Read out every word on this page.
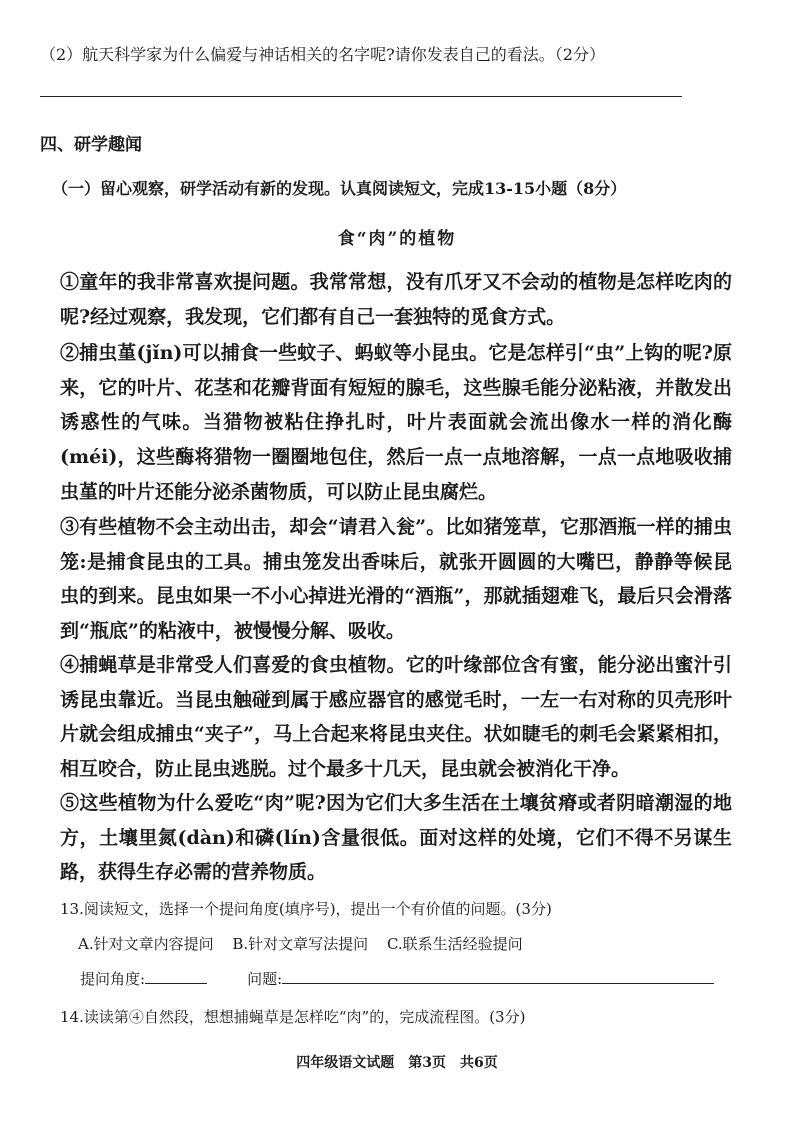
（2）航天科学家为什么偏爱与神话相关的名字呢?请你发表自己的看法。（2分）
四、研学趣闻
（一）留心观察，研学活动有新的发现。认真阅读短文，完成13-15小题（8分）
食“肉”的植物
①童年的我非常喜欢提问题。我常常想，没有爪牙又不会动的植物是怎样吃肉的呢?经过观察，我发现，它们都有自己一套独特的觅食方式。
②捕虫堇(jǐn)可以捕食一些蚊子、蚂蚁等小昆虫。它是怎样引“虫”上钩的呢?原来，它的叶片、花茎和花瓣背面有短短的腺毛，这些腺毛能分泌粘液，并散发出诱惑性的气味。当猎物被粘住挣扎时，叶片表面就会流出像水一样的消化酶(méi)，这些酶将猎物一圈圈地包住，然后一点一点地溶解，一点一点地吸收捕虫堇的叶片还能分泌杀菌物质，可以防止昆虫腐烂。
③有些植物不会主动出击，却会“请君入瓮”。比如猪笼草，它那酒瓶一样的捕虫笼:是捕食昆虫的工具。捕虫笼发出香味后，就张开圆圆的大嘴巴，静静等候昆虫的到来。昆虫如果一不小心掉进光滑的“酒瓶”，那就插翅难飞，最后只会滑落到“瓶底”的粘液中，被慢慢分解、吸收。
④捕蝇草是非常受人们喜爱的食虫植物。它的叶缘部位含有蜜，能分泌出蜜汁引诱昆虫靠近。当昆虫触碰到属于感应器官的感觉毛时，一左一右对称的贝壳形叶片就会组成捕虫“夹子”，马上合起来将昆虫夹住。状如睫毛的刺毛会紧紧相扣，相互咬合，防止昆虫逃脱。过个最多十几天，昆虫就会被消化干净。
⑤这些植物为什么爱吃“肉”呢?因为它们大多生活在土壤贫瘠或者阴暗潮湿的地方，土壤里氮(dàn)和磷(lín)含量很低。面对这样的处境，它们不得不另谋生路，获得生存必需的营养物质。
13.阅读短文，选择一个提问角度(填序号)，提出一个有价值的问题。(3分)
A.针对文章内容提问 B.针对文章写法提问 C.联系生活经验提问
提问角度:	问题:
14.读读第④自然段，想想捕蝇草是怎样吃“肉”的，完成流程图。(3分)
四年级语文试题　第3页　共6页
